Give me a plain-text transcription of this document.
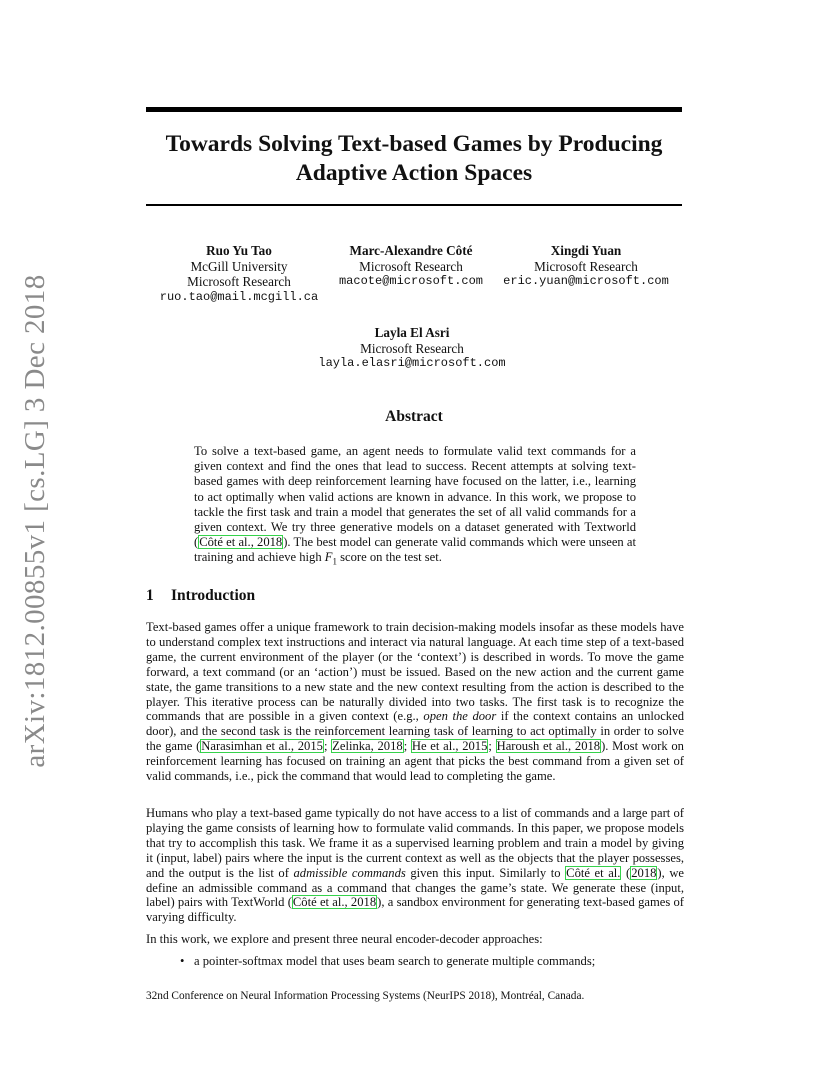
arXiv:1812.00855v1 [cs.LG] 3 Dec 2018
Towards Solving Text-based Games by Producing
Adaptive Action Spaces
Ruo Yu Tao
McGill University
Microsoft Research
ruo.tao@mail.mcgill.ca
Marc-Alexandre Côté
Microsoft Research
macote@microsoft.com
Xingdi Yuan
Microsoft Research
eric.yuan@microsoft.com
Layla El Asri
Microsoft Research
layla.elasri@microsoft.com
Abstract
To solve a text-based game, an agent needs to formulate valid text commands for a given context and find the ones that lead to success. Recent attempts at solving text-based games with deep reinforcement learning have focused on the latter, i.e., learning to act optimally when valid actions are known in advance. In this work, we propose to tackle the first task and train a model that generates the set of all valid commands for a given context. We try three generative models on a dataset generated with Textworld (Côté et al., 2018). The best model can generate valid commands which were unseen at training and achieve high $F_1$ score on the test set.
1 Introduction
Text-based games offer a unique framework to train decision-making models insofar as these models have to understand complex text instructions and interact via natural language. At each time step of a text-based game, the current environment of the player (or the ‘context’) is described in words. To move the game forward, a text command (or an ‘action’) must be issued. Based on the new action and the current game state, the game transitions to a new state and the new context resulting from the action is described to the player. This iterative process can be naturally divided into two tasks. The first task is to recognize the commands that are possible in a given context (e.g., open the door if the context contains an unlocked door), and the second task is the reinforcement learning task of learning to act optimally in order to solve the game (Narasimhan et al., 2015; Zelinka, 2018; He et al., 2015; Haroush et al., 2018). Most work on reinforcement learning has focused on training an agent that picks the best command from a given set of valid commands, i.e., pick the command that would lead to completing the game.
Humans who play a text-based game typically do not have access to a list of commands and a large part of playing the game consists of learning how to formulate valid commands. In this paper, we propose models that try to accomplish this task. We frame it as a supervised learning problem and train a model by giving it (input, label) pairs where the input is the current context as well as the objects that the player possesses, and the output is the list of admissible commands given this input. Similarly to Côté et al. (2018), we define an admissible command as a command that changes the game’s state. We generate these (input, label) pairs with TextWorld (Côté et al., 2018), a sandbox environment for generating text-based games of varying difficulty.
In this work, we explore and present three neural encoder-decoder approaches:
• a pointer-softmax model that uses beam search to generate multiple commands;
32nd Conference on Neural Information Processing Systems (NeurIPS 2018), Montréal, Canada.
